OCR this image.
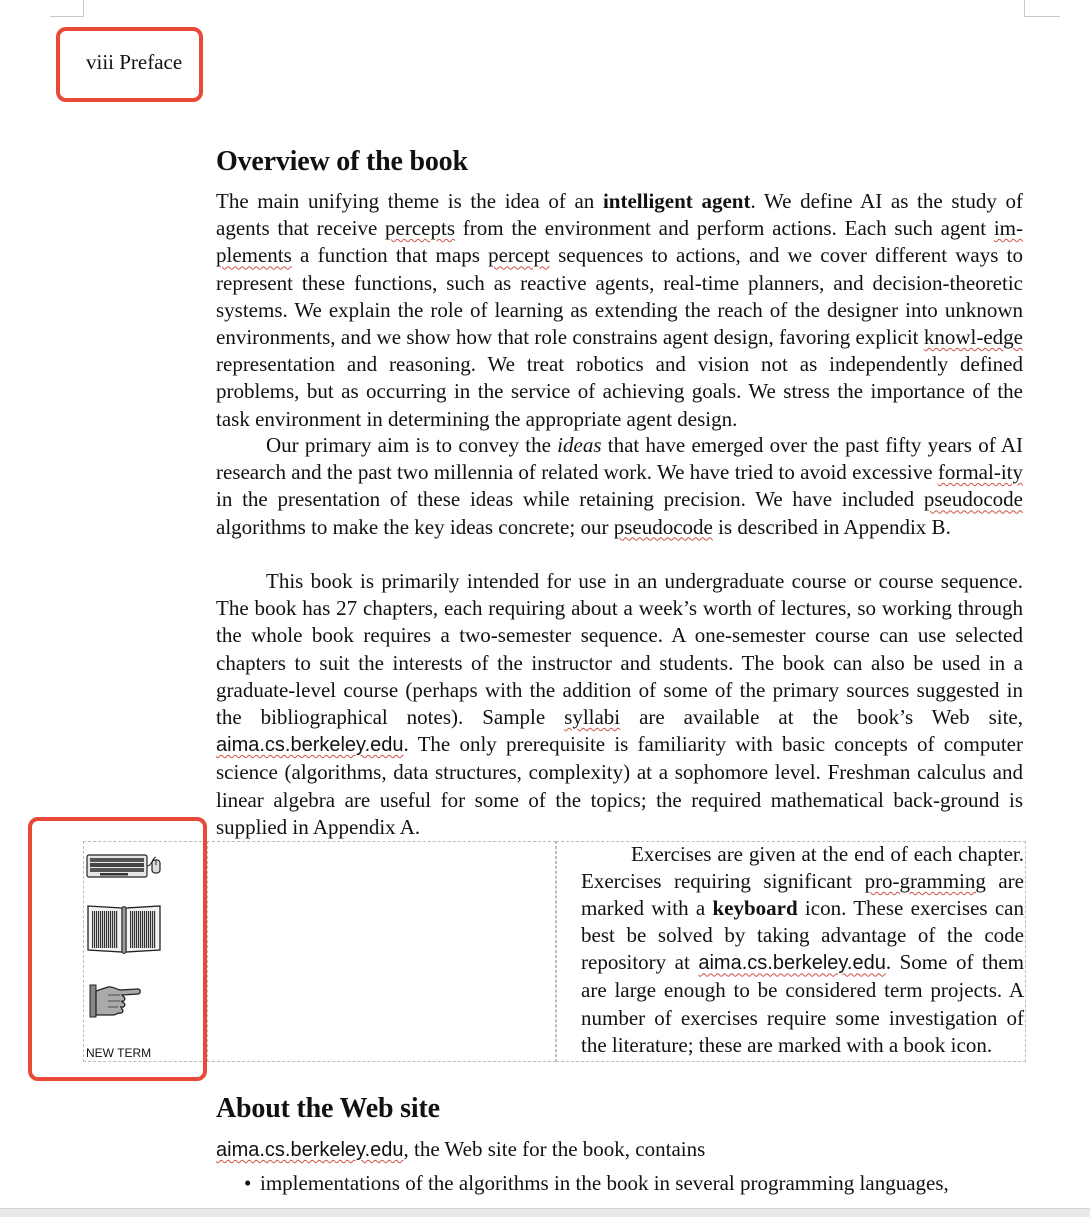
viii Preface
Overview of the book

The main unifying theme is the idea of an intelligent agent. We define AI as the study of agents that receive percepts from the environment and perform actions. Each such agent im-plements a function that maps percept sequences to actions, and we cover different ways to represent these functions, such as reactive agents, real-time planners, and decision-theoretic systems. We explain the role of learning as extending the reach of the designer into unknown environments, and we show how that role constrains agent design, favoring explicit knowl-edge representation and reasoning. We treat robotics and vision not as independently defined problems, but as occurring in the service of achieving goals. We stress the importance of the task environment in determining the appropriate agent design.

Our primary aim is to convey the ideas that have emerged over the past fifty years of AI research and the past two millennia of related work. We have tried to avoid excessive formal-ity in the presentation of these ideas while retaining precision. We have included pseudocode algorithms to make the key ideas concrete; our pseudocode is described in Appendix B.

This book is primarily intended for use in an undergraduate course or course sequence. The book has 27 chapters, each requiring about a week’s worth of lectures, so working through the whole book requires a two-semester sequence. A one-semester course can use selected chapters to suit the interests of the instructor and students. The book can also be used in a graduate-level course (perhaps with the addition of some of the primary sources suggested in the bibliographical notes). Sample syllabi are available at the book’s Web site, aima.cs.berkeley.edu. The only prerequisite is familiarity with basic concepts of computer science (algorithms, data structures, complexity) at a sophomore level. Freshman calculus and linear algebra are useful for some of the topics; the required mathematical back-ground is supplied in Appendix A.

NEW TERM

Exercises are given at the end of each chapter. Exercises requiring significant pro-gramming are marked with a keyboard icon. These exercises can best be solved by taking advantage of the code repository at aima.cs.berkeley.edu. Some of them are large enough to be considered term projects. A number of exercises require some investigation of the literature; these are marked with a book icon.

About the Web site
aima.cs.berkeley.edu, the Web site for the book, contains
• implementations of the algorithms in the book in several programming languages,
